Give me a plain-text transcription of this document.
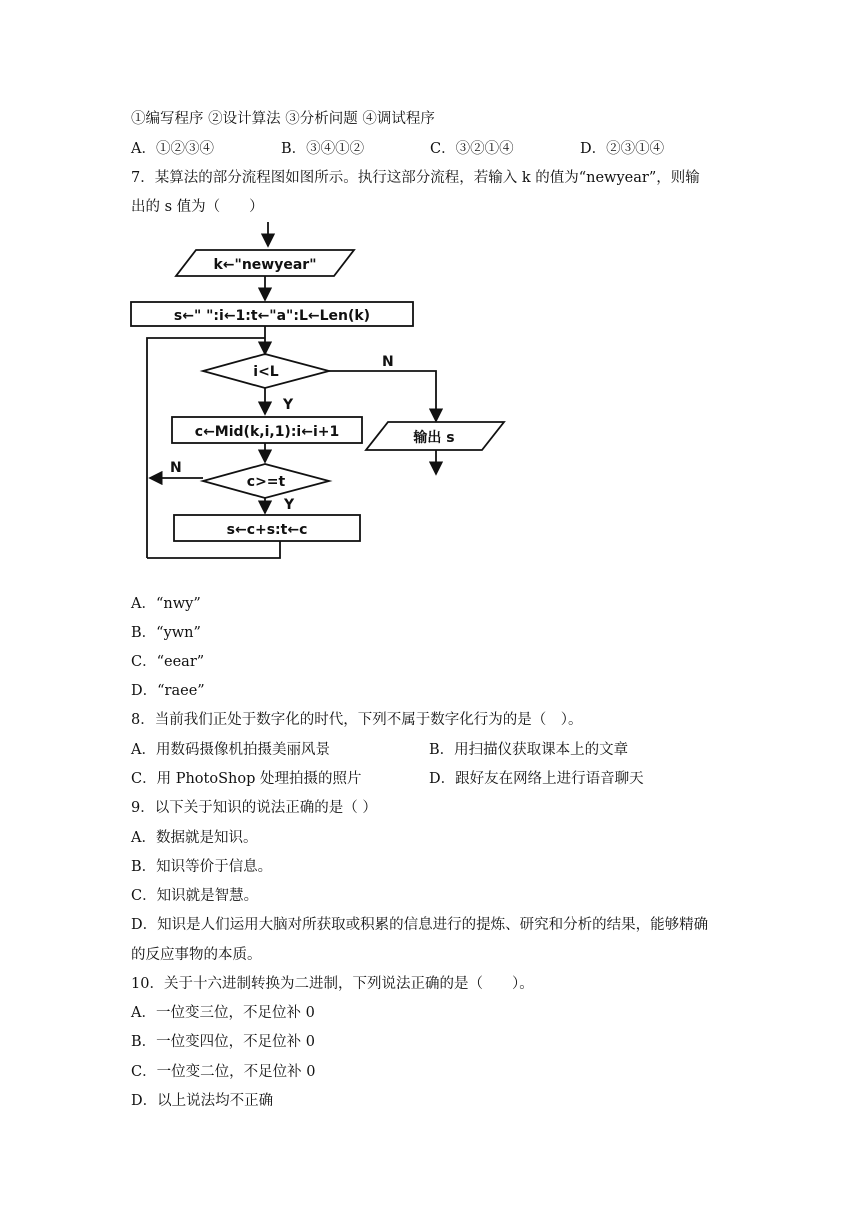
①编写程序 ②设计算法 ③分析问题 ④调试程序
A．①②③④	B．③④①②	C．③②①④	D．②③①④
7．某算法的部分流程图如图所示。执行这部分流程，若输入 k 的值为“newyear”，则输
出的 s 值为（　　）
k←"newyear"
s←" ":i←1:t←"a":L←Len(k)
i<L
N
Y
c←Mid(k,i,1):i←i+1	输出 s
c>=t
N
Y
s←c+s:t←c
A．“nwy”
B．“ywn”
C．“eear”
D．“raee”
8．当前我们正处于数字化的时代，下列不属于数字化行为的是（　）。
A．用数码摄像机拍摄美丽风景	B．用扫描仪获取课本上的文章
C．用 PhotoShop 处理拍摄的照片	D．跟好友在网络上进行语音聊天
9．以下关于知识的说法正确的是（ ）
A．数据就是知识。
B．知识等价于信息。
C．知识就是智慧。
D．知识是人们运用大脑对所获取或积累的信息进行的提炼、研究和分析的结果，能够精确
的反应事物的本质。
10．关于十六进制转换为二进制，下列说法正确的是（　　）。
A．一位变三位，不足位补 0
B．一位变四位，不足位补 0
C．一位变二位，不足位补 0
D．以上说法均不正确
